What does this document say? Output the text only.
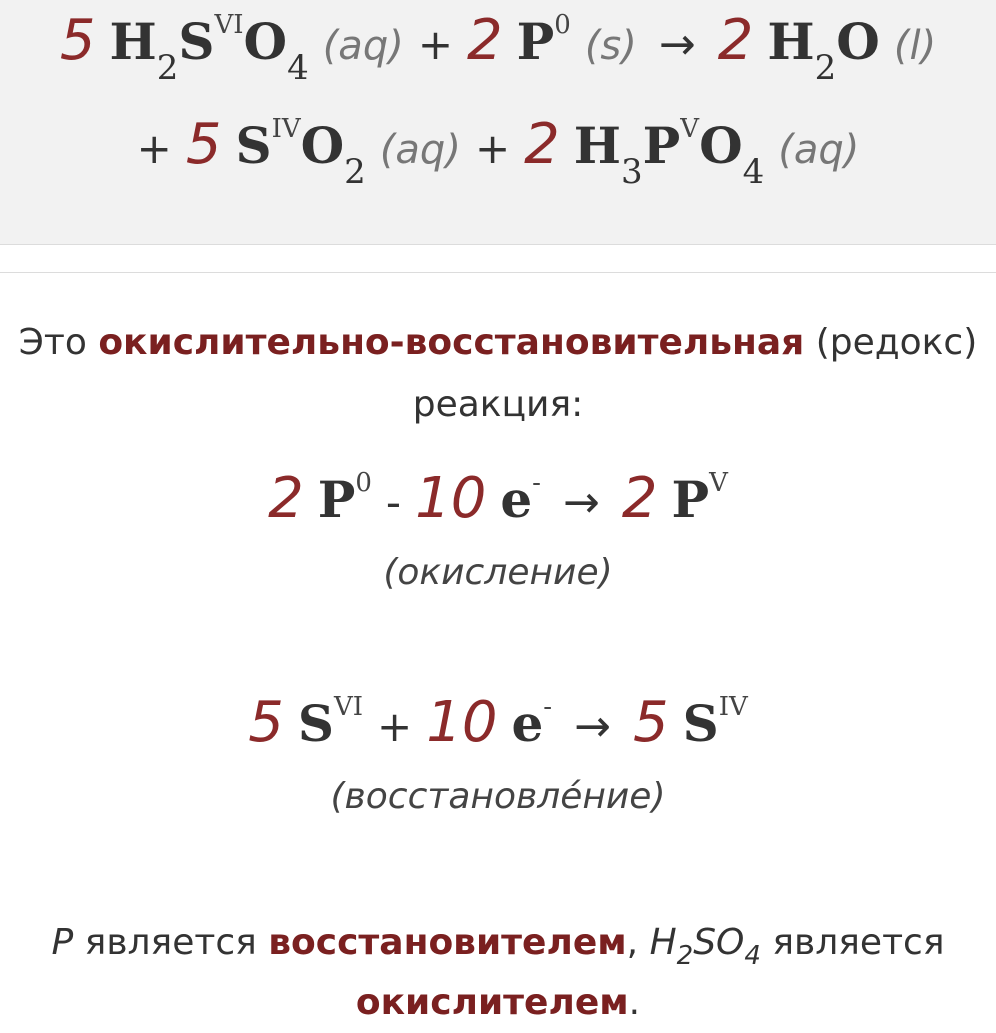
5 H2SVIO4 (aq) + 2 P0 (s) → 2 H2O (l)
+ 5 SIVO2 (aq) + 2 H3PVO4 (aq)
Это окислительно-восстановительная (редокс)
реакция:
2 P0 - 10 e- → 2 PV
(окисление)
5 SVI + 10 e- → 5 SIV
(восстановле́ние)
P является восстановителем, $H_2SO_4$ является
окислителем.
